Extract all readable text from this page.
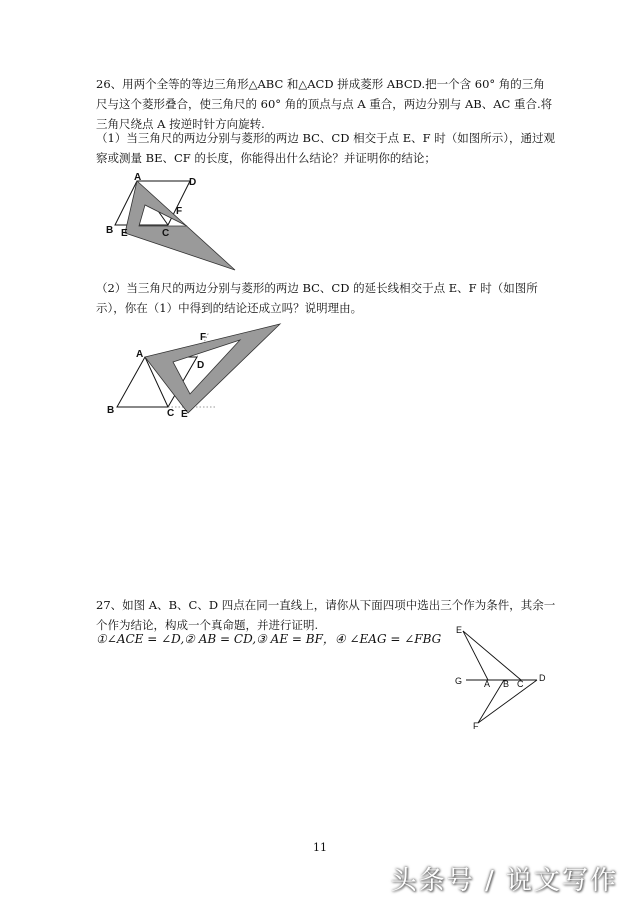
26、用两个全等的等边三角形△ABC 和△ACD 拼成菱形 ABCD.把一个含 60° 角的三角尺与这个菱形叠合，使三角尺的 60° 角的顶点与点 A 重合，两边分别与 AB、AC 重合.将三角尺绕点 A 按逆时针方向旋转.

（1）当三角尺的两边分别与菱形的两边 BC、CD 相交于点 E、F 时（如图所示），通过观察或测量 BE、CF 的长度，你能得出什么结论？并证明你的结论；

A	D
F
B E	C

（2）当三角尺的两边分别与菱形的两边 BC、CD 的延长线相交于点 E、F 时（如图所示），你在（1）中得到的结论还成立吗？说明理由。

A
F
D
B	C E

27、如图 A、B、C、D 四点在同一直线上，请你从下面四项中选出三个作为条件，其余一个作为结论，构成一个真命题，并进行证明.

①∠ACE = ∠D,② AB = CD,③ AE = BF，④ ∠EAG = ∠FBG

E
G A B C
D
F
11
头条号 / 说文写作
